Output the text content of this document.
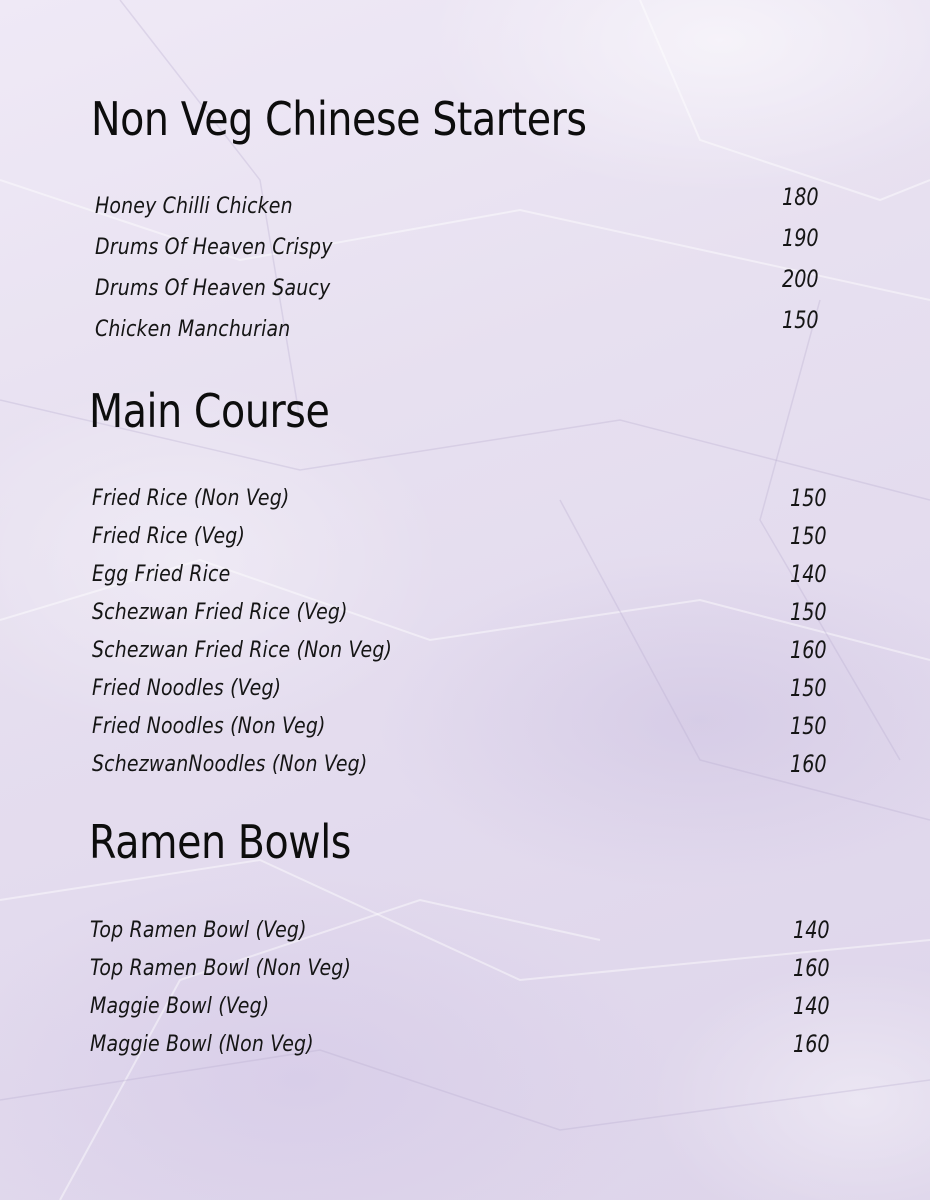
Non Veg Chinese Starters
Honey Chilli Chicken	180
Drums Of Heaven Crispy	190
Drums Of Heaven Saucy	200
Chicken Manchurian	150
Main Course
Fried Rice (Non Veg)	150
Fried Rice (Veg)	150
Egg Fried Rice	140
Schezwan Fried Rice (Veg)	150
Schezwan Fried Rice (Non Veg)	160
Fried Noodles (Veg)	150
Fried Noodles (Non Veg)	150
SchezwanNoodles (Non Veg)	160
Ramen Bowls
Top Ramen Bowl (Veg)	140
Top Ramen Bowl (Non Veg)	160
Maggie Bowl (Veg)	140
Maggie Bowl (Non Veg)	160
